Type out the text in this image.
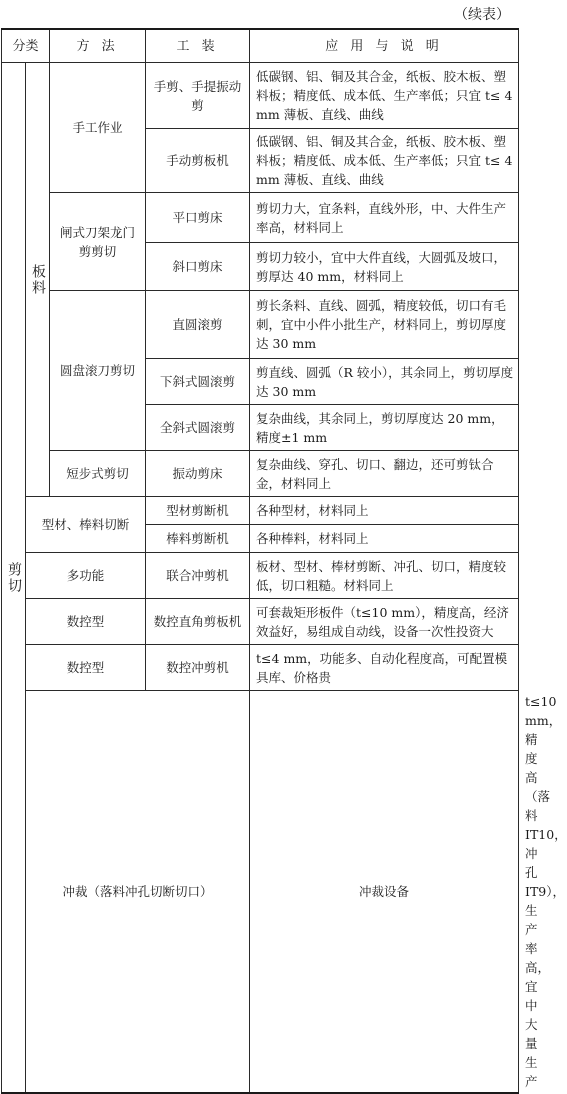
（续表）
分类		方 法	工 装	应 用 与 说 明	
剪切	板料	手工作业	手剪、手提振动剪	低碳钢、铝、铜及其合金，纸板、胶木板、塑料板；精度低、成本低、生产率低；只宜 t≤ 4 mm 薄板、直线、曲线	
			手动剪板机	低碳钢、铝、铜及其合金，纸板、胶木板、塑料板；精度低、成本低、生产率低；只宜 t≤ 4 mm 薄板、直线、曲线	
		闸式刀架龙门剪剪切	平口剪床	剪切力大，宜条料，直线外形，中、大件生产率高，材料同上	
			斜口剪床	剪切力较小，宜中大件直线，大圆弧及坡口，剪厚达 40 mm，材料同上	
		圆盘滚刀剪切	直圆滚剪	剪长条料、直线、圆弧，精度较低，切口有毛刺，宜中小件小批生产，材料同上，剪切厚度达 30 mm	
			下斜式圆滚剪	剪直线、圆弧（R 较小），其余同上，剪切厚度达 30 mm	
			全斜式圆滚剪	复杂曲线，其余同上，剪切厚度达 20 mm，精度±1 mm	
		短步式剪切	振动剪床	复杂曲线、穿孔、切口、翻边，还可剪钛合金，材料同上	
	型材、棒料切断		型材剪断机	各种型材，材料同上	
			棒料剪断机	各种棒料，材料同上	
	多功能		联合冲剪机	板材、型材、棒材剪断、冲孔、切口，精度较低，切口粗糙。材料同上	
	数控型		数控直角剪板机	可套裁矩形板件（t≤10 mm），精度高，经济效益好，易组成自动线，设备一次性投资大	
	数控型		数控冲剪机	t≤4 mm，功能多、自动化程度高，可配置模具库、价格贵	
	冲裁（落料冲孔切断切口）			冲裁设备	t≤10 mm，精度高（落料 IT10，冲孔 IT9），生产率高，宜中大量生产
